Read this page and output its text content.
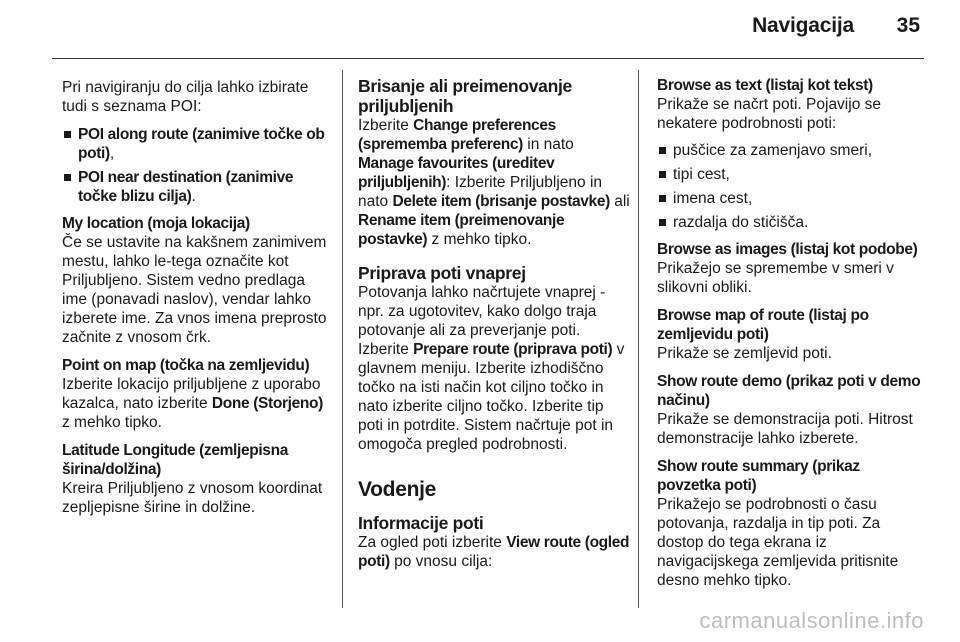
Navigacija 35

Pri navigiranju do cilja lahko izbirate tudi s seznama POI:

POI along route (zanimive točke ob poti),
POI near destination (zanimive točke blizu cilja).
My location (moja lokacija)
Če se ustavite na kakšnem zanimivem mestu, lahko le-tega označite kot Priljubljeno. Sistem vedno predlaga ime (ponavadi naslov), vendar lahko izberete ime. Za vnos imena preprosto začnite z vnosom črk.
Point on map (točka na zemljevidu)
Izberite lokacijo priljubljene z uporabo kazalca, nato izberite Done (Storjeno) z mehko tipko.
Latitude Longitude (zemljepisna širina/dolžina)
Kreira Priljubljeno z vnosom koordinat zepljepisne širine in dolžine.
Brisanje ali preimenovanje priljubljenih

Izberite Change preferences (sprememba preferenc) in nato Manage favourites (ureditev priljubljenih): Izberite Priljubljeno in nato Delete item (brisanje postavke) ali Rename item (preimenovanje postavke) z mehko tipko.

Priprava poti vnaprej

Potovanja lahko načrtujete vnaprej - npr. za ugotovitev, kako dolgo traja potovanje ali za preverjanje poti. Izberite Prepare route (priprava poti) v glavnem meniju. Izberite izhodiščno točko na isti način kot ciljno točko in nato izberite ciljno točko. Izberite tip poti in potrdite. Sistem načrtuje pot in omogoča pregled podrobnosti.

Vodenje
Informacije poti

Za ogled poti izberite View route (ogled poti) po vnosu cilja:

Browse as text (listaj kot tekst)
Prikaže se načrt poti. Pojavijo se nekatere podrobnosti poti:
puščice za zamenjavo smeri,
tipi cest,
imena cest,
razdalja do stičišča.
Browse as images (listaj kot podobe)
Prikažejo se spremembe v smeri v slikovni obliki.
Browse map of route (listaj po zemljevidu poti)
Prikaže se zemljevid poti.
Show route demo (prikaz poti v demo načinu)
Prikaže se demonstracija poti. Hitrost demonstracije lahko izberete.
Show route summary (prikaz povzetka poti)
Prikažejo se podrobnosti o času potovanja, razdalja in tip poti. Za dostop do tega ekrana iz navigacijskega zemljevida pritisnite desno mehko tipko.
carmanualsonline.info
